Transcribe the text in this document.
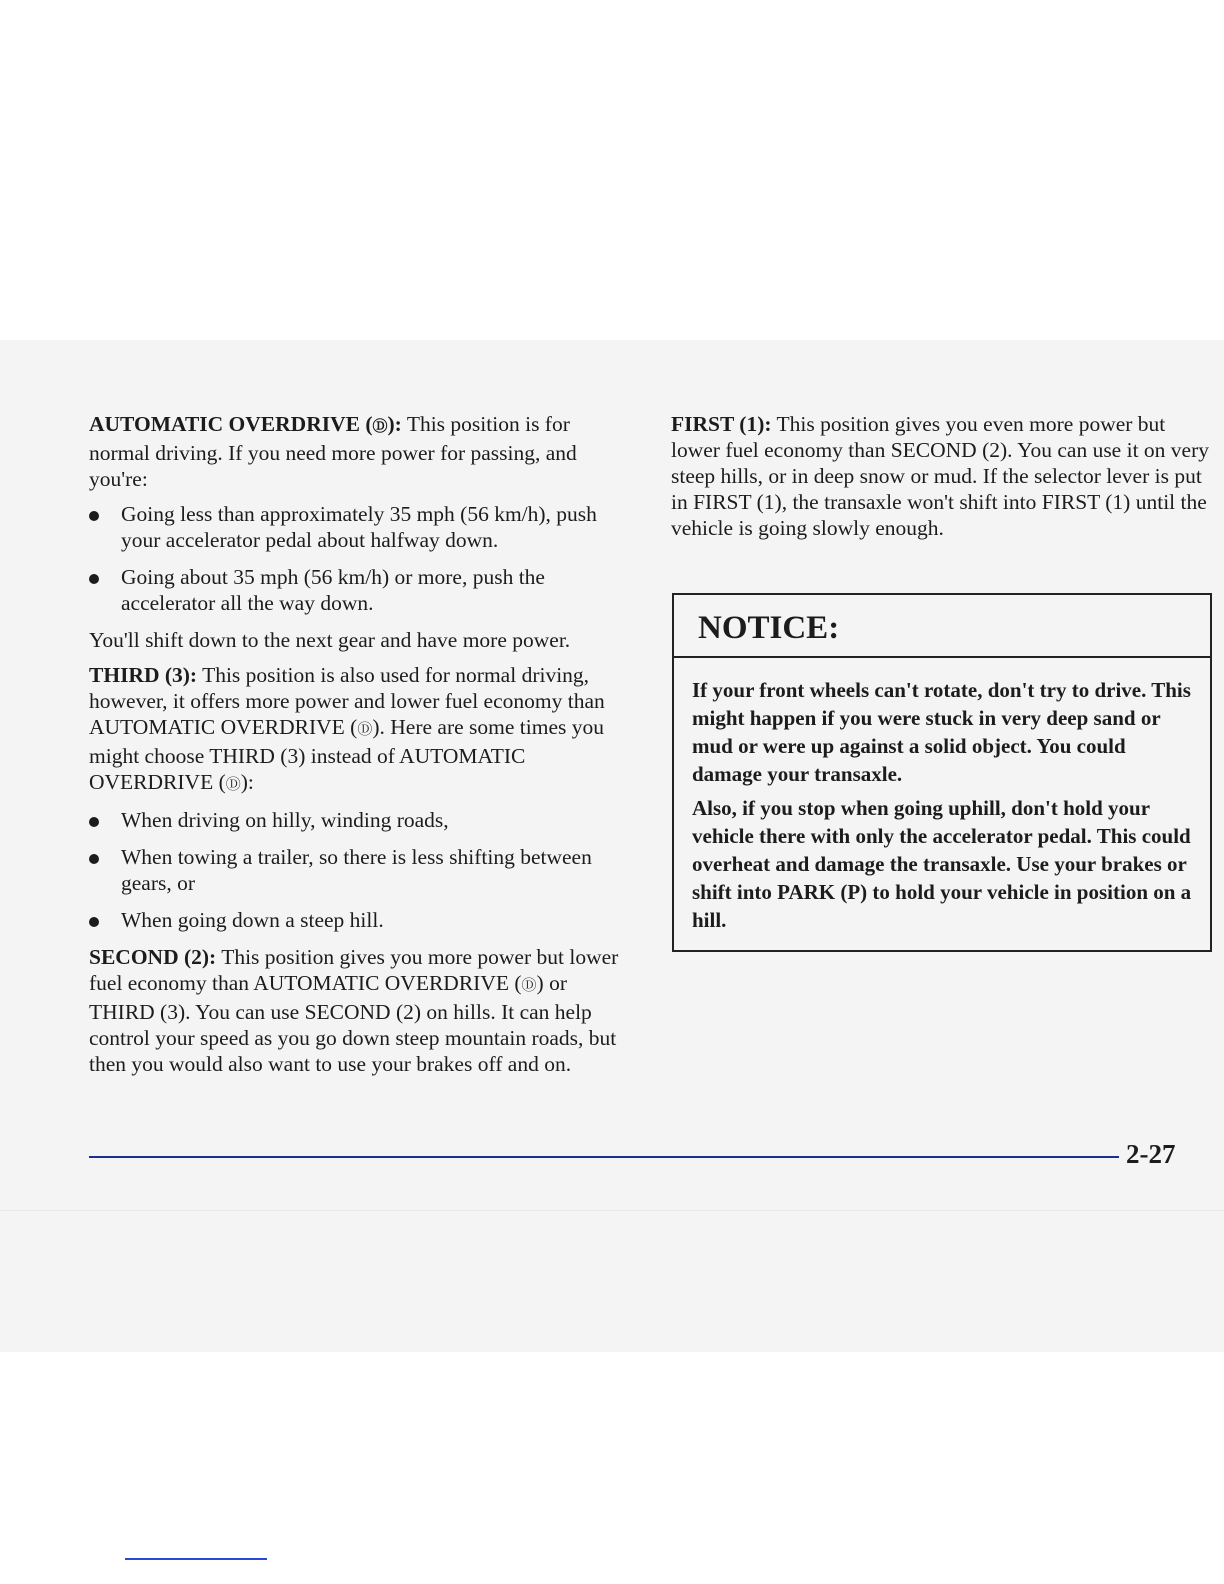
AUTOMATIC OVERDRIVE (Ⓓ): This position is for normal driving. If you need more power for passing, and you're:

Going less than approximately 35 mph (56 km/h), push your accelerator pedal about halfway down.
Going about 35 mph (56 km/h) or more, push the accelerator all the way down.

You'll shift down to the next gear and have more power.

THIRD (3): This position is also used for normal driving, however, it offers more power and lower fuel economy than AUTOMATIC OVERDRIVE (Ⓓ). Here are some times you might choose THIRD (3) instead of AUTOMATIC OVERDRIVE (Ⓓ):

When driving on hilly, winding roads,
When towing a trailer, so there is less shifting between gears, or
When going down a steep hill.

SECOND (2): This position gives you more power but lower fuel economy than AUTOMATIC OVERDRIVE (Ⓓ) or THIRD (3). You can use SECOND (2) on hills. It can help control your speed as you go down steep mountain roads, but then you would also want to use your brakes off and on.

FIRST (1): This position gives you even more power but lower fuel economy than SECOND (2). You can use it on very steep hills, or in deep snow or mud. If the selector lever is put in FIRST (1), the transaxle won't shift into FIRST (1) until the vehicle is going slowly enough.

NOTICE:

If your front wheels can't rotate, don't try to drive. This might happen if you were stuck in very deep sand or mud or were up against a solid object. You could damage your transaxle.

Also, if you stop when going uphill, don't hold your vehicle there with only the accelerator pedal. This could overheat and damage the transaxle. Use your brakes or shift into PARK (P) to hold your vehicle in position on a hill.

2-27
